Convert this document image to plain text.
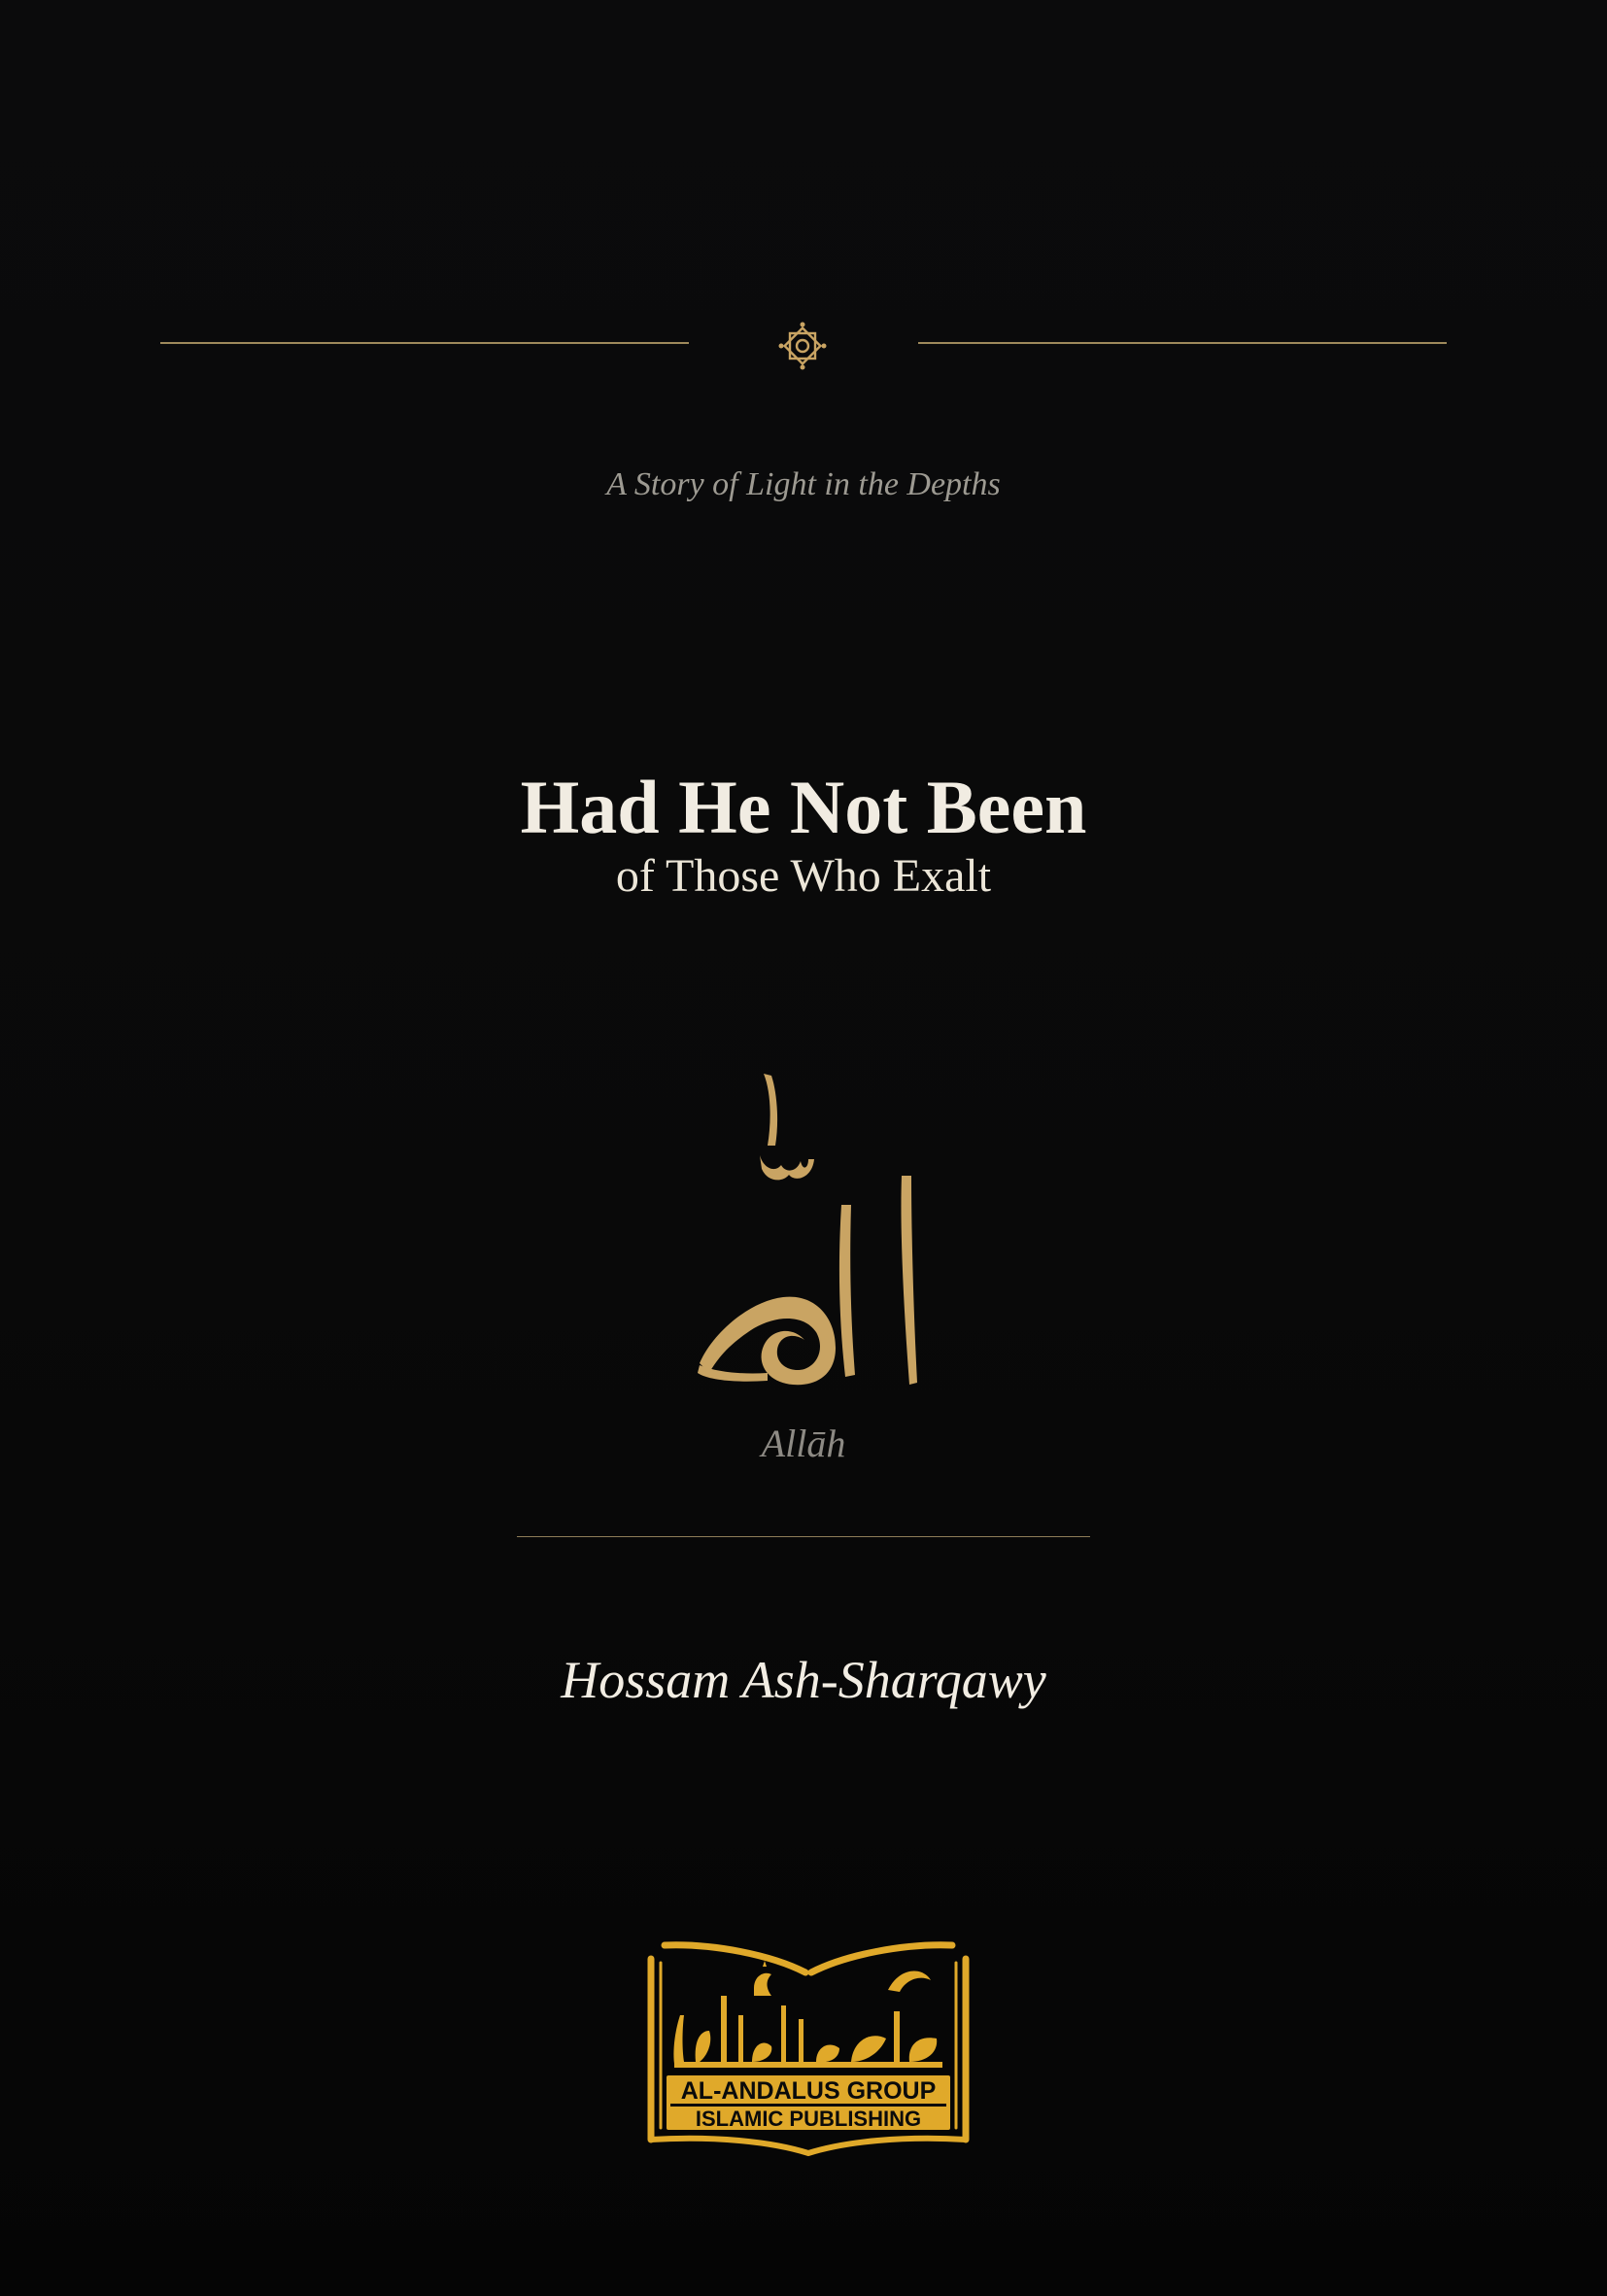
A Story of Light in the Depths
Had He Not Been
of Those Who Exalt
Allāh
Hossam Ash-Sharqawy
AL-ANDALUS GROUP
ISLAMIC PUBLISHING
